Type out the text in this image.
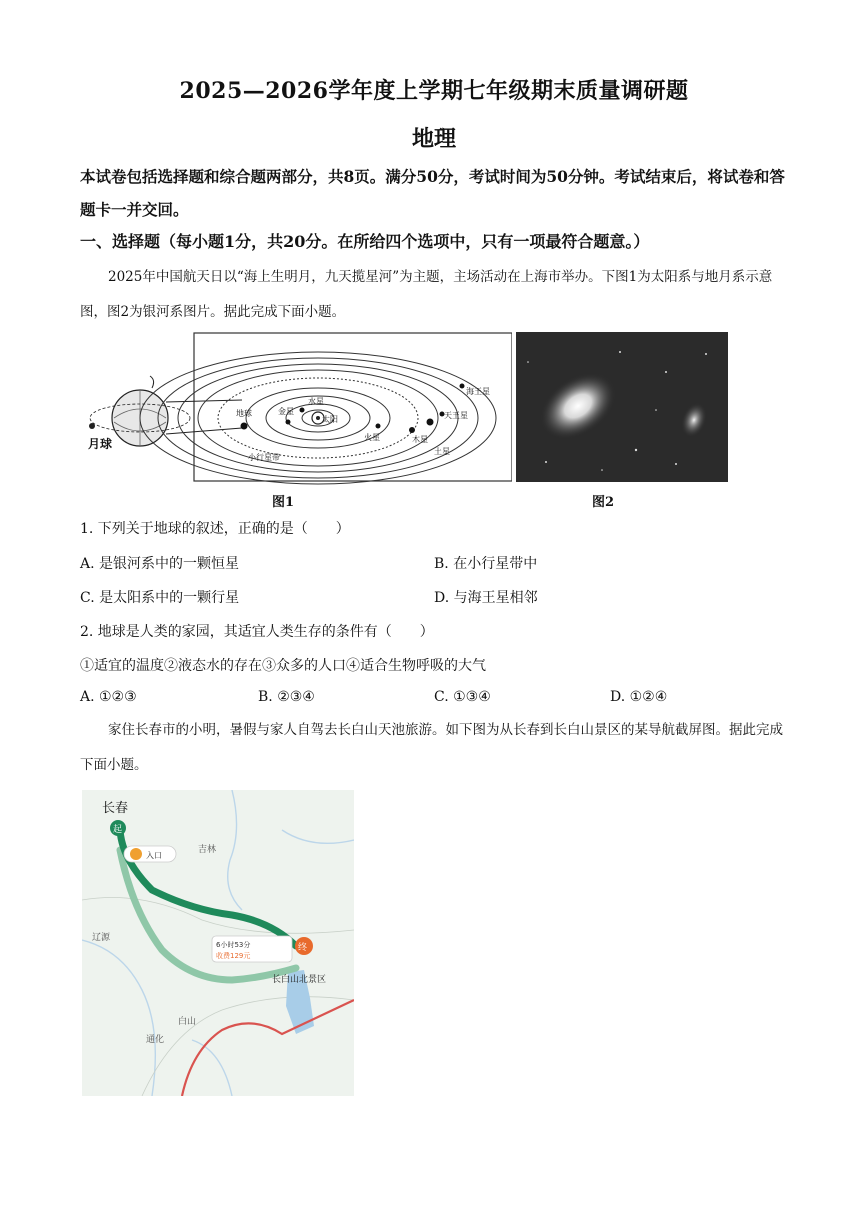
2025—2026学年度上学期七年级期末质量调研题
地理
本试卷包括选择题和综合题两部分，共8页。满分50分，考试时间为50分钟。考试结束后，将试卷和答题卡一并交回。
一、选择题（每小题1分，共20分。在所给四个选项中，只有一项最符合题意。）
2025年中国航天日以“海上生明月，九天揽星河”为主题，主场活动在上海市举办。下图1为太阳系与地月系示意图，图2为银河系图片。据此完成下面小题。
太阳
水星
金星
地球
火星	木星
土星
天王星
海王星
小行星带
月球
图1	图2
1. 下列关于地球的叙述，正确的是（　　）
A. 是银河系中的一颗恒星	B. 在小行星带中
C. 是太阳系中的一颗行星	D. 与海王星相邻
2. 地球是人类的家园，其适宜人类生存的条件有（　　）
①适宜的温度②液态水的存在③众多的人口④适合生物呼吸的大气
A. ①②③	B. ②③④	C. ①③④	D. ①②④
家住长春市的小明，暑假与家人自驾去长白山天池旅游。如下图为从长春到长白山景区的某导航截屏图。据此完成下面小题。
起
长春
入口
终
6小时53分
收费129元
吉林
辽源
白山
通化
长白山北景区
